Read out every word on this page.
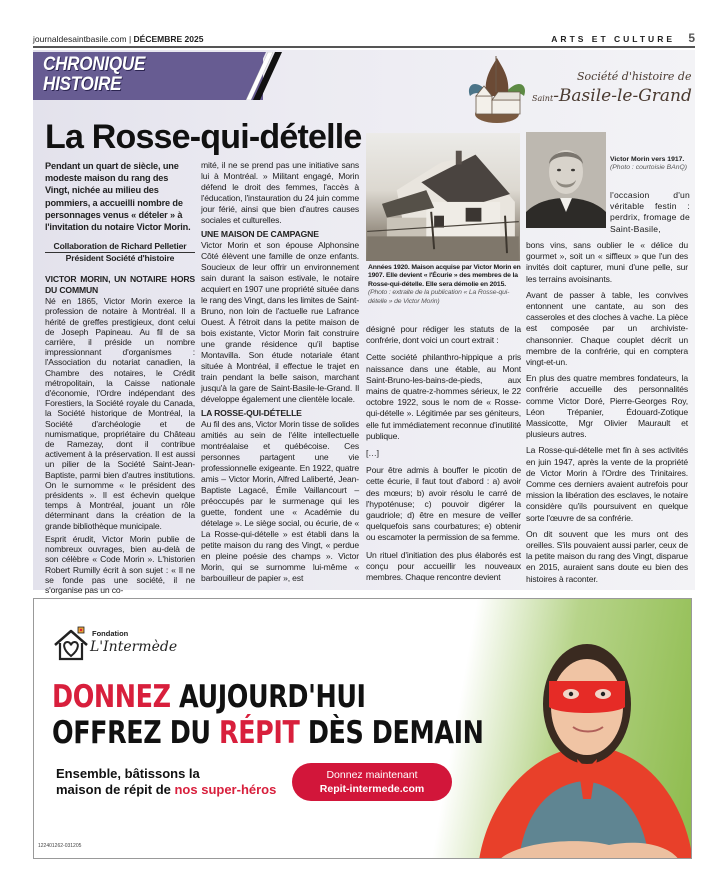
journaldesaintbasile.com | DÉCEMBRE 2025	ARTS ET CULTURE 5
CHRONIQUE
HISTOIRE	Société d'histoire de
Saint-Basile-le-Grand
La Rosse-qui-dételle

Pendant un quart de siècle, une modeste maison du rang des Vingt, nichée au milieu des pommiers, a accueilli nombre de personnages venus « dételer » à l'invitation du notaire Victor Morin.

Collaboration de Richard Pelletier
Président Société d'histoire
VICTOR MORIN, UN NOTAIRE HORS DU COMMUN

Né en 1865, Victor Morin exerce la profession de notaire à Montréal. Il a hérité de greffes prestigieux, dont celui de Joseph Papineau. Au fil de sa carrière, il préside un nombre impressionnant d'organismes : l'Association du notariat canadien, la Chambre des notaires, le Crédit métropolitain, la Caisse nationale d'économie, l'Ordre indépendant des Forestiers, la Société royale du Canada, la Société historique de Montréal, la Société d'archéologie et de numismatique, propriétaire du Château de Ramezay, dont il contribue activement à la préservation. Il est aussi un pilier de la Société Saint-Jean-Baptiste, parmi bien d'autres institutions. On le surnomme « le président des présidents ». Il est échevin quelque temps à Montréal, jouant un rôle déterminant dans la création de la grande bibliothèque municipale.

Esprit érudit, Victor Morin publie de nombreux ouvrages, bien au-delà de son célèbre « Code Morin ». L'historien Robert Rumilly écrit à son sujet : « Il ne se fonde pas une société, il ne s'organise pas un co-

mité, il ne se prend pas une initiative sans lui à Montréal. » Militant engagé, Morin défend le droit des femmes, l'accès à l'éducation, l'instauration du 24 juin comme jour férié, ainsi que bien d'autres causes sociales et culturelles.

UNE MAISON DE CAMPAGNE

Victor Morin et son épouse Alphonsine Côté élèvent une famille de onze enfants. Soucieux de leur offrir un environnement sain durant la saison estivale, le notaire acquiert en 1907 une propriété située dans le rang des Vingt, dans les limites de Saint-Bruno, non loin de l'actuelle rue Lafrance Ouest. À l'étroit dans la petite maison de bois existante, Victor Morin fait construire une grande résidence qu'il baptise Montavilla. Son étude notariale étant située à Montréal, il effectue le trajet en train pendant la belle saison, marchant jusqu'à la gare de Saint-Basile-le-Grand. Il développe également une clientèle locale.

LA ROSSE-QUI-DÉTELLE

Au fil des ans, Victor Morin tisse de solides amitiés au sein de l'élite intellectuelle montréalaise et québécoise. Ces personnes partagent une vie professionnelle exigeante. En 1922, quatre amis – Victor Morin, Alfred Laliberté, Jean-Baptiste Lagacé, Émile Vaillancourt – préoccupés par le surmenage qui les guette, fondent une « Académie du dételage ». Le siège social, ou écurie, de « La Rosse-qui-dételle » est établi dans la petite maison du rang des Vingt, « perdue en pleine poésie des champs ». Victor Morin, qui se surnomme lui-même « barbouilleur de papier », est

Années 1920. Maison acquise par Victor Morin en 1907. Elle devient « l'Écurie » des membres de la Rosse-qui-dételle. Elle sera démolie en 2015.
(Photo : extraite de la publication « La Rosse-qui-dételle » de Victor Morin)

désigné pour rédiger les statuts de la confrérie, dont voici un court extrait :

Cette société philanthro-hippique a pris naissance dans une étable, au Mont Saint-Bruno-les-bains-de-pieds, aux mains de quatre-z-hommes sérieux, le 22 octobre 1922, sous le nom de « Rosse-qui-dételle ». Légitimée par ses géniteurs, elle fut immédiatement reconnue d'inutilité publique.

[…]

Pour être admis à bouffer le picotin de cette écurie, il faut tout d'abord : a) avoir des mœurs; b) avoir résolu le carré de l'hypoténuse; c) pouvoir digérer la gaudriole; d) être en mesure de veiller quelquefois sans courbatures; e) obtenir ou escamoter la permission de sa femme.

Un rituel d'initiation des plus élaborés est conçu pour accueillir les nouveaux membres. Chaque rencontre devient

Victor Morin vers 1917.
(Photo : courtoisie BAnQ)
l'occasion d'un véritable festin : perdrix, fromage de Saint-Basile,

bons vins, sans oublier le « délice du gourmet », soit un « siffleux » que l'un des invités doit capturer, muni d'une pelle, sur les terrains avoisinants.

Avant de passer à table, les convives entonnent une cantate, au son des casseroles et des cloches à vache. La pièce est composée par un archiviste-chansonnier. Chaque couplet décrit un membre de la confrérie, qui en comptera vingt-et-un.

En plus des quatre membres fondateurs, la confrérie accueille des personnalités comme Victor Doré, Pierre-Georges Roy, Léon Trépanier, Édouard-Zotique Massicotte, Mgr Olivier Maurault et plusieurs autres.

La Rosse-qui-dételle met fin à ses activités en juin 1947, après la vente de la propriété de Victor Morin à l'Ordre des Trinitaires. Comme ces derniers avaient autrefois pour mission la libération des esclaves, le notaire considère qu'ils poursuivent en quelque sorte l'œuvre de sa confrérie.

On dit souvent que les murs ont des oreilles. S'ils pouvaient aussi parler, ceux de la petite maison du rang des Vingt, disparue en 2015, auraient sans doute eu bien des histoires à raconter.

Fondation
L'Intermède
DONNEZ AUJOURD'HUI
OFFREZ DU RÉPIT DÈS DEMAIN
Ensemble, bâtissons la
maison de répit de nos super-héros
Donnez maintenant
Repit-intermede.com
122401262-031205
